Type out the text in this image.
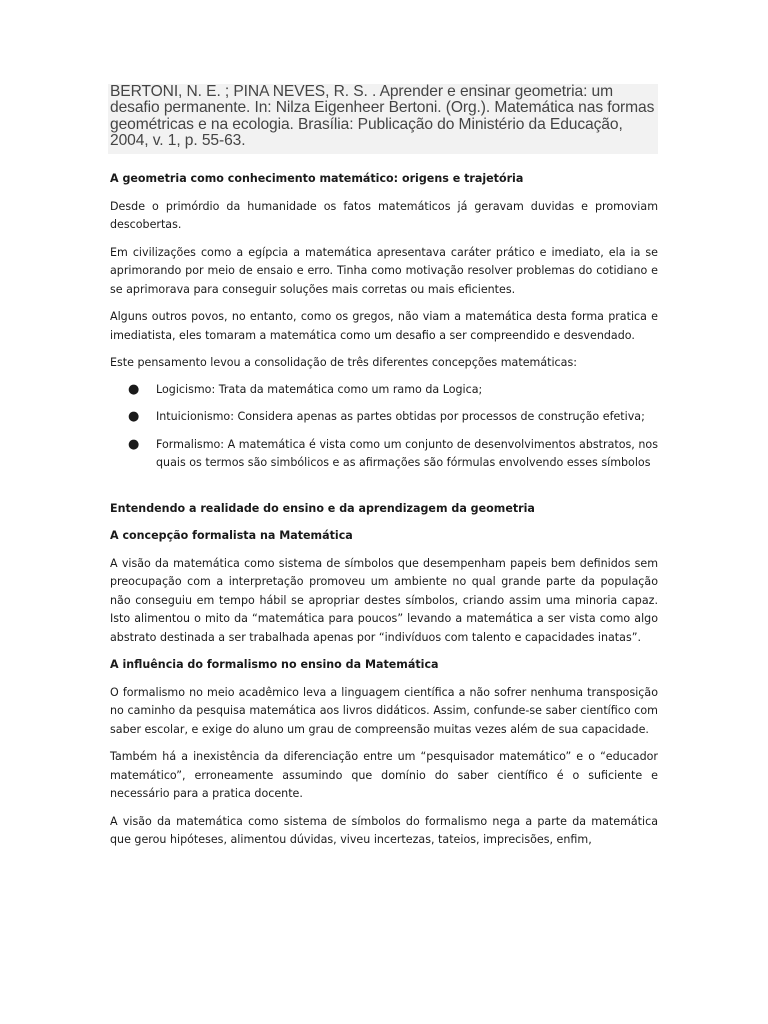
BERTONI, N. E. ; PINA NEVES, R. S. . Aprender e ensinar geometria: um desafio permanente. In: Nilza Eigenheer Bertoni. (Org.). Matemática nas formas geométricas e na ecologia. Brasília: Publicação do Ministério da Educação, 2004, v. 1, p. 55-63.

A geometria como conhecimento matemático: origens e trajetória

Desde o primórdio da humanidade os fatos matemáticos já geravam duvidas e promoviam descobertas.

Em civilizações como a egípcia a matemática apresentava caráter prático e imediato, ela ia se aprimorando por meio de ensaio e erro. Tinha como motivação resolver problemas do cotidiano e se aprimorava para conseguir soluções mais corretas ou mais eficientes.

Alguns outros povos, no entanto, como os gregos, não viam a matemática desta forma pratica e imediatista, eles tomaram a matemática como um desafio a ser compreendido e desvendado.

Este pensamento levou a consolidação de três diferentes concepções matemáticas:

● Logicismo: Trata da matemática como um ramo da Logica;
● Intuicionismo: Considera apenas as partes obtidas por processos de construção efetiva;
● Formalismo: A matemática é vista como um conjunto de desenvolvimentos abstratos, nos quais os termos são simbólicos e as afirmações são fórmulas envolvendo esses símbolos

Entendendo a realidade do ensino e da aprendizagem da geometria

A concepção formalista na Matemática

A visão da matemática como sistema de símbolos que desempenham papeis bem definidos sem preocupação com a interpretação promoveu um ambiente no qual grande parte da população não conseguiu em tempo hábil se apropriar destes símbolos, criando assim uma minoria capaz. Isto alimentou o mito da “matemática para poucos” levando a matemática a ser vista como algo abstrato destinada a ser trabalhada apenas por “indivíduos com talento e capacidades inatas”.

A influência do formalismo no ensino da Matemática

O formalismo no meio acadêmico leva a linguagem científica a não sofrer nenhuma transposição no caminho da pesquisa matemática aos livros didáticos. Assim, confunde-se saber científico com saber escolar, e exige do aluno um grau de compreensão muitas vezes além de sua capacidade.

Também há a inexistência da diferenciação entre um “pesquisador matemático” e o “educador matemático”, erroneamente assumindo que domínio do saber científico é o suficiente e necessário para a pratica docente.

A visão da matemática como sistema de símbolos do formalismo nega a parte da matemática que gerou hipóteses, alimentou dúvidas, viveu incertezas, tateios, imprecisões, enfim,
